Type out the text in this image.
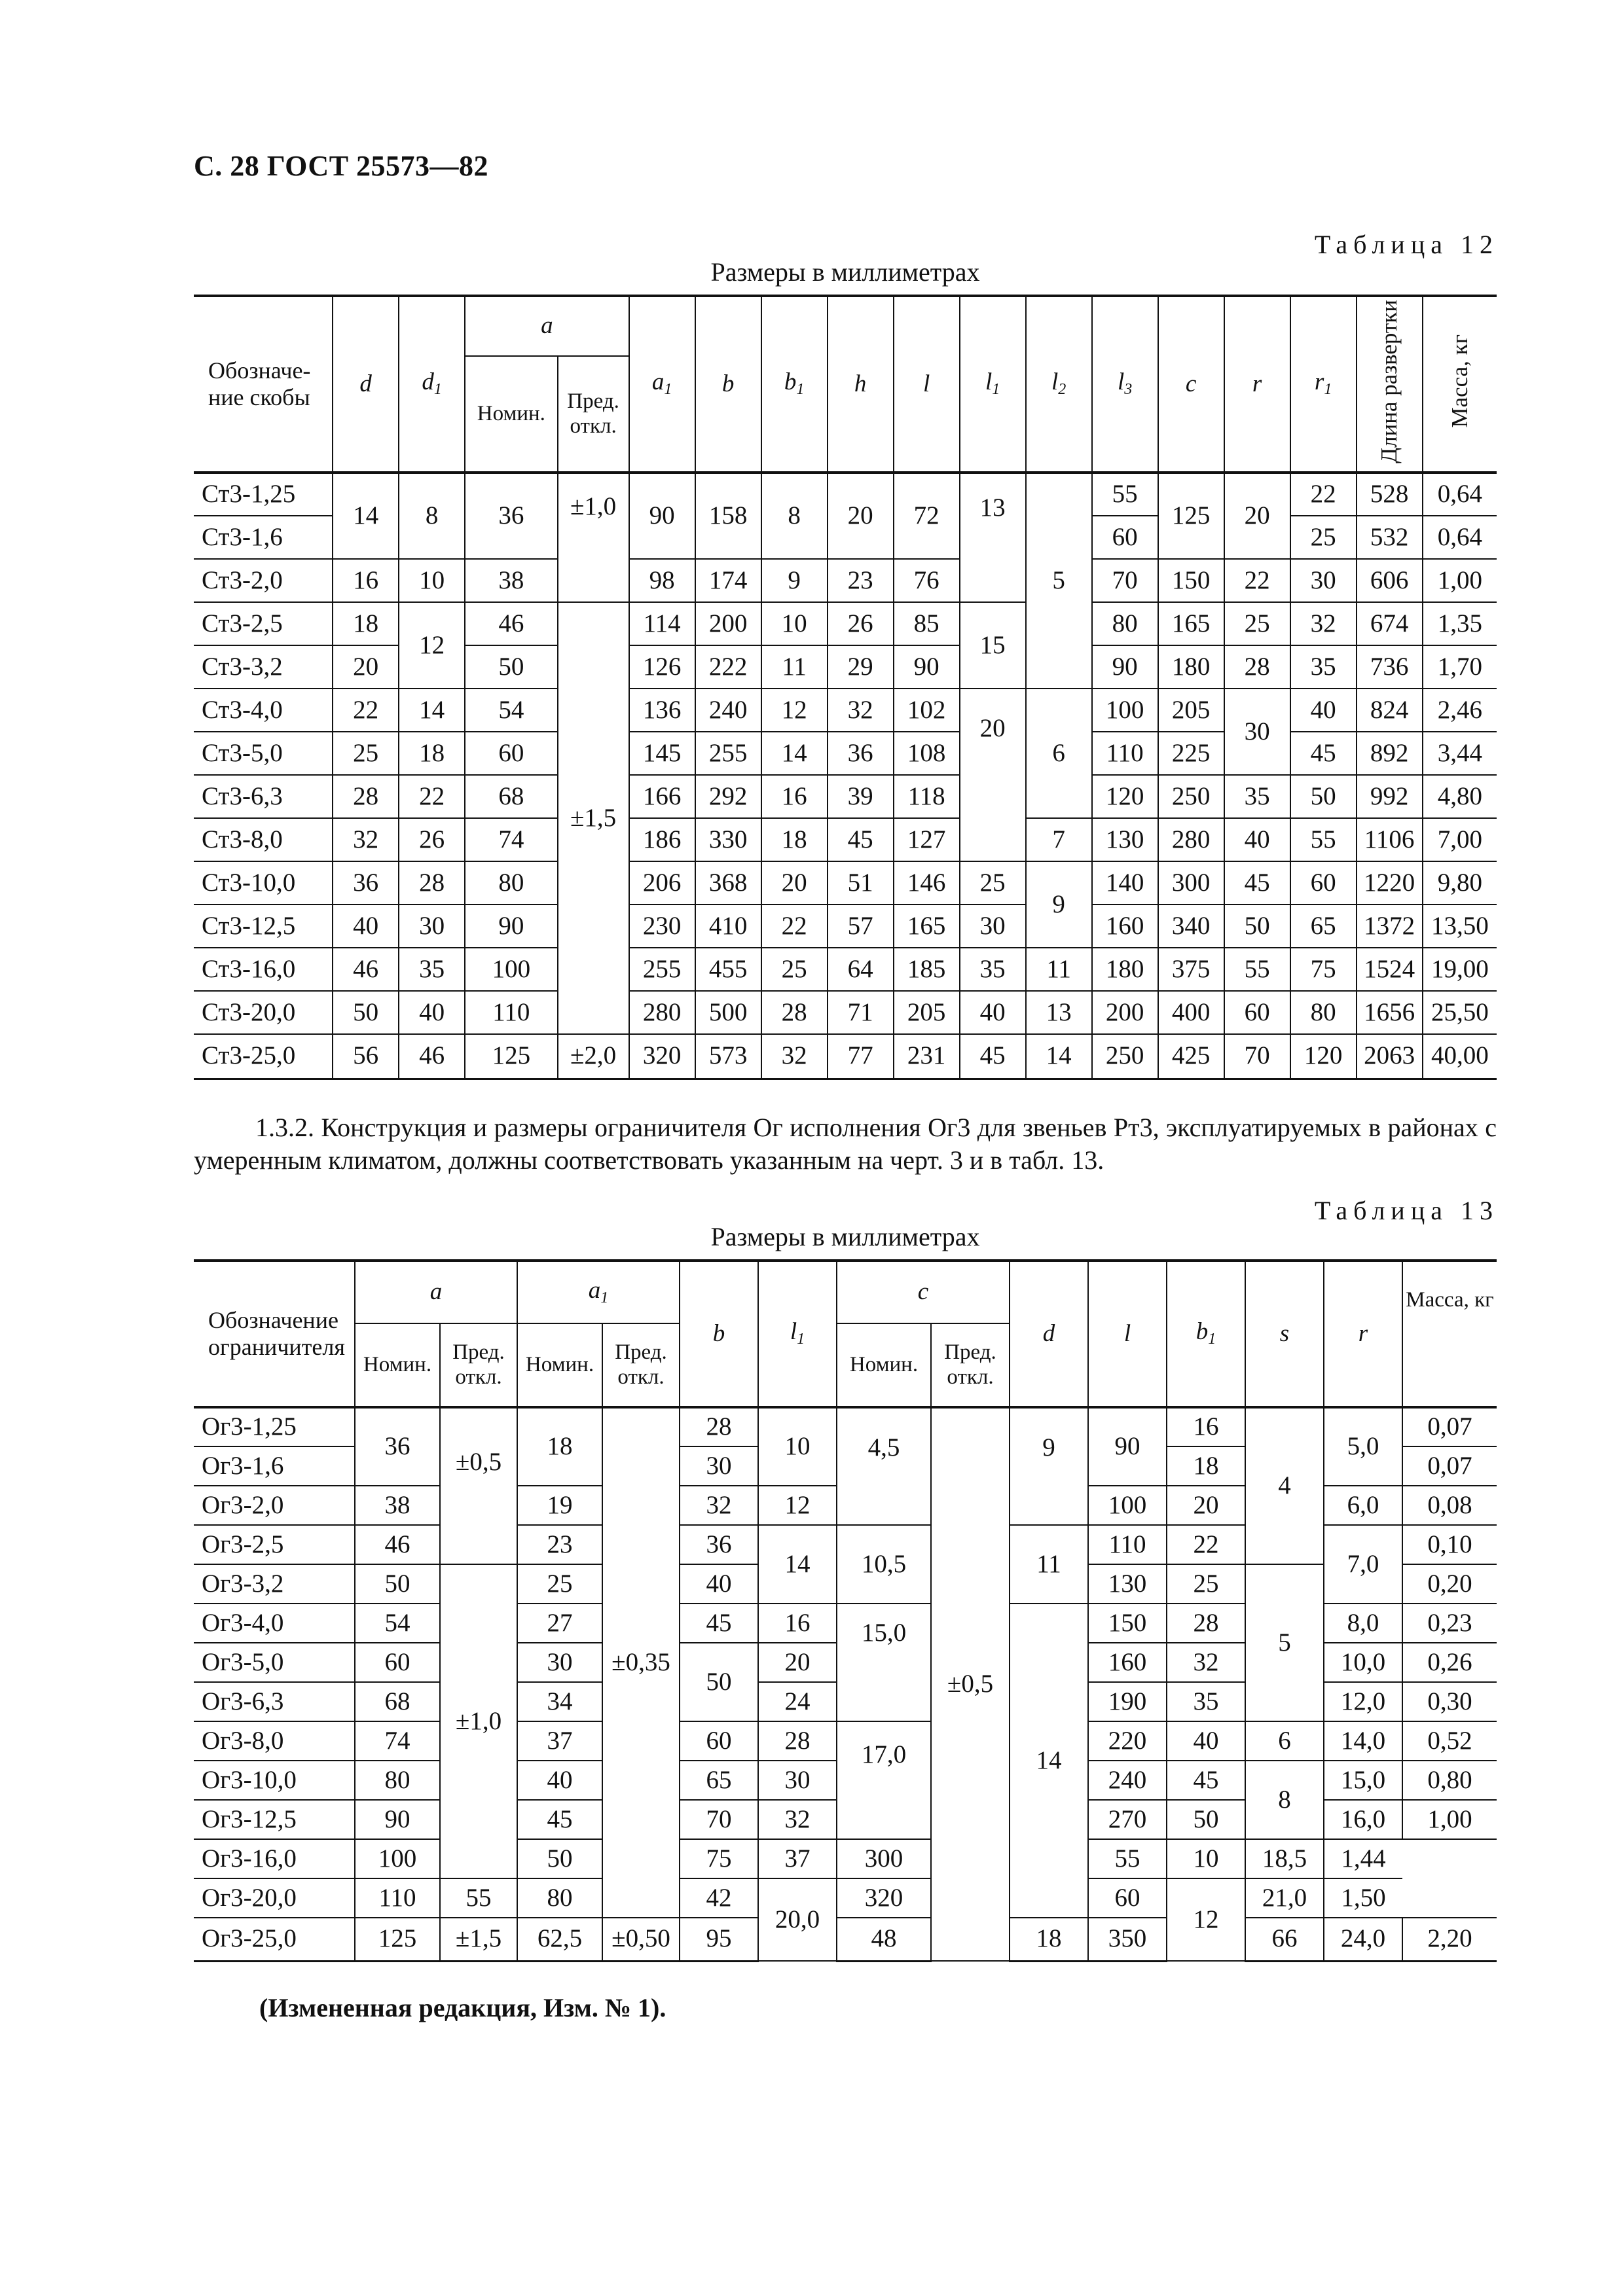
С. 28 ГОСТ 25573—82
Таблица 12
Размеры в миллиметрах
Обозначе-ние скобы	d	$d_1$	a		$a_1$	b	$b_1$	h	l	$l_1$	$l_2$	$l_3$	c	r	$r_1$	Длина развертки	Масса, кг
			Номин.	Пред. откл.													
Ст3-1,25	14	8	36	±1,0	90	158	8	20	72	13	5	55	125	20	22	528	0,64
Ст3-1,6												60			25	532	0,64
Ст3-2,0	16	10	38		98	174	9	23	76			70	150	22	30	606	1,00
Ст3-2,5	18	12	46	±1,5	114	200	10	26	85	15		80	165	25	32	674	1,35
Ст3-3,2	20		50		126	222	11	29	90			90	180	28	35	736	1,70
Ст3-4,0	22	14	54		136	240	12	32	102	20	6	100	205	30	40	824	2,46
Ст3-5,0	25	18	60		145	255	14	36	108			110	225		45	892	3,44
Ст3-6,3	28	22	68		166	292	16	39	118			120	250	35	50	992	4,80
Ст3-8,0	32	26	74		186	330	18	45	127		7	130	280	40	55	1106	7,00
Ст3-10,0	36	28	80		206	368	20	51	146	25	9	140	300	45	60	1220	9,80
Ст3-12,5	40	30	90		230	410	22	57	165	30		160	340	50	65	1372	13,50
Ст3-16,0	46	35	100		255	455	25	64	185	35	11	180	375	55	75	1524	19,00
Ст3-20,0	50	40	110		280	500	28	71	205	40	13	200	400	60	80	1656	25,50
Ст3-25,0	56	46	125	±2,0	320	573	32	77	231	45	14	250	425	70	120	2063	40,00
1.3.2. Конструкция и размеры ограничителя Ог исполнения Ог3 для звеньев Рт3, эксплуатируемых в районах с умеренным климатом, должны соответствовать указанным на черт. 3 и в табл. 13.
Таблица 13
Размеры в миллиметрах
Обозначение ограничителя	a		$a_1$		b	$l_1$	c		d	l	$b_1$	s	r	Масса, кг
	Номин.	Пред. откл.	Номин.	Пред. откл.			Номин.	Пред. откл.						
Ог3-1,25	36	±0,5	18	±0,35	28	10	4,5	±0,5	9	90	16	4	5,0	0,07
Ог3-1,6					30						18			0,07
Ог3-2,0	38		19		32	12				100	20		6,0	0,08
Ог3-2,5	46		23		36	14	10,5		11	110	22		7,0	0,10
Ог3-3,2	50	±1,0	25		40					130	25	5		0,20
Ог3-4,0	54		27		45	16	15,0		14	150	28		8,0	0,23
Ог3-5,0	60		30		50	20				160	32		10,0	0,26
Ог3-6,3	68		34			24				190	35		12,0	0,30
Ог3-8,0	74		37		60	28	17,0			220	40	6	14,0	0,52
Ог3-10,0	80		40		65	30				240	45	8	15,0	0,80
Ог3-12,5	90		45		70	32				270	50		16,0	1,00
Ог3-16,0	100		50		75	37	300			55	10	18,5	1,44	
Ог3-20,0	110	55	80		42	20,0	320			60	12	21,0	1,50	
Ог3-25,0	125	±1,5	62,5	±0,50	95		48		18	350		66	24,0	2,20
(Измененная редакция, Изм. № 1).
